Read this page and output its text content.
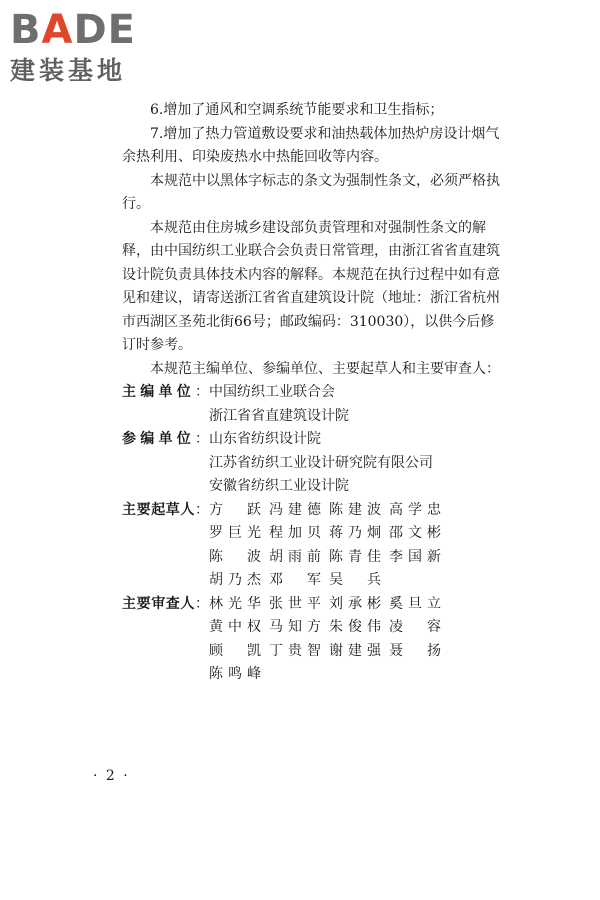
BADE
建装基地

6.增加了通风和空调系统节能要求和卫生指标；

7.增加了热力管道敷设要求和油热载体加热炉房设计烟气余热利用、印染废热水中热能回收等内容。

本规范中以黑体字标志的条文为强制性条文，必须严格执行。

本规范由住房城乡建设部负责管理和对强制性条文的解释，由中国纺织工业联合会负责日常管理，由浙江省省直建筑设计院负责具体技术内容的解释。本规范在执行过程中如有意见和建议，请寄送浙江省省直建筑设计院（地址：浙江省杭州市西湖区圣苑北街66号；邮政编码：310030），以供今后修订时参考。

本规范主编单位、参编单位、主要起草人和主要审查人：

主编单位： 中国纺织工业联合会
浙江省省直建筑设计院
参编单位： 山东省纺织设计院
江苏省纺织工业设计研究院有限公司
安徽省纺织工业设计院
主要起草人： 方 跃 冯建德 陈建波 高学忠
罗巨光 程加贝 蒋乃炯 邵文彬
陈 波 胡雨前 陈青佳 李国新
胡乃杰 邓 军 吴 兵
主要审查人： 林光华 张世平 刘承彬 奚旦立
黄中权 马知方 朱俊伟 凌 容
顾 凯 丁贵智 谢建强 聂 扬
陈鸣峰
· 2 ·
